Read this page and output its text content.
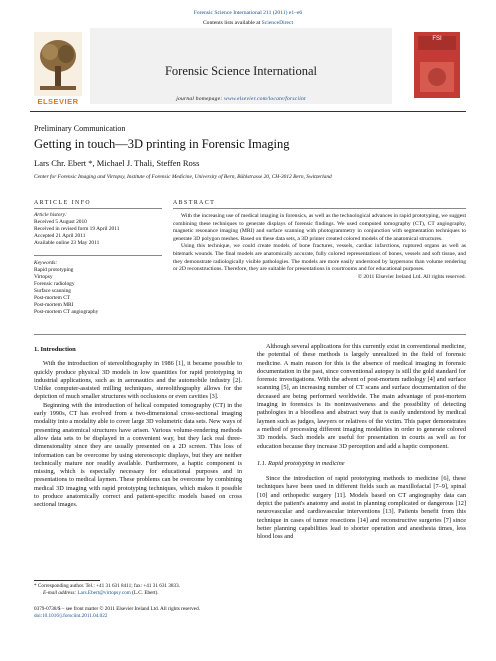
Forensic Science International 211 (2011) e1–e6
Contents lists available at ScienceDirect
Forensic Science International
journal homepage: www.elsevier.com/locate/forsciint
ELSEVIER
FSI
Preliminary Communication
Getting in touch—3D printing in Forensic Imaging
Lars Chr. Ebert *, Michael J. Thali, Steffen Ross
Center for Forensic Imaging and Virtopsy, Institute of Forensic Medicine, University of Bern, Bühlstrasse 20, CH-3012 Bern, Switzerland
ARTICLE INFO	ABSTRACT
Article history:
Received 5 August 2010
Received in revised form 19 April 2011
Accepted 21 April 2011
Available online 23 May 2011
Keywords:
Rapid prototyping
Virtopsy
Forensic radiology
Surface scanning
Post-mortem CT
Post-mortem MRI
Post-mortem CT angiography

With the increasing use of medical imaging in forensics, as well as the technological advances in rapid prototyping, we suggest combining these techniques to generate displays of forensic findings. We used computed tomography (CT), CT angiography, magnetic resonance imaging (MRI) and surface scanning with photogrammetry in conjunction with segmentation techniques to generate 3D polygon meshes. Based on these data sets, a 3D printer created colored models of the anatomical structures.

Using this technique, we could create models of bone fractures, vessels, cardiac infarctions, ruptured organs as well as bitemark wounds. The final models are anatomically accurate, fully colored representations of bones, vessels and soft tissue, and they demonstrate radiologically visible pathologies. The models are more easily understood by laypersons than volume rendering or 2D reconstructions. Therefore, they are suitable for presentations in courtrooms and for educational purposes.

© 2011 Elsevier Ireland Ltd. All rights reserved.
1. Introduction

With the introduction of stereolithography in 1986 [1], it became possible to quickly produce physical 3D models in low quantities for rapid prototyping in industrial applications, such as in aeronautics and the automobile industry [2]. Unlike computer-assisted milling techniques, stereolithography allows for the depiction of much smaller structures with occlusions or even cavities [3].

Beginning with the introduction of helical computed tomography (CT) in the early 1990s, CT has evolved from a two-dimensional cross-sectional imaging modality into a modality able to cover large 3D volumetric data sets. New ways of presenting anatomical structures have arisen. Various volume-rendering methods allow data sets to be displayed in a convenient way, but they lack real three-dimensionality since they are usually presented on a 2D screen. This loss of information can be overcome by using stereoscopic displays, but they are neither technically mature nor readily available. Furthermore, a haptic component is missing, which is especially necessary for educational purposes and in presentations to medical laymen. These problems can be overcome by combining medical 3D imaging with rapid prototyping techniques, which makes it possible to produce anatomically correct and patient-specific models based on cross sectional images.

Although several applications for this currently exist in conventional medicine, the potential of these methods is largely unrealized in the field of forensic medicine. A main reason for this is the absence of medical imaging in forensic documentation in the past, since conventional autopsy is still the gold standard for forensic investigations. With the advent of post-mortem radiology [4] and surface scanning [5], an increasing number of CT scans and surface documentation of the deceased are being performed worldwide. The main advantage of post-mortem imaging in forensics is its noninvasiveness and the possibility of detecting pathologies in a bloodless and abstract way that is easily understood by medical laymen such as judges, lawyers or relatives of the victim. This paper demonstrates a method of processing different imaging modalities in order to generate colored 3D models. Such models are useful for presentation in courts as well as for education because they increase 3D perception and add a haptic component.

1.1. Rapid prototyping in medicine

Since the introduction of rapid prototyping methods to medicine [6], these techniques have been used in different fields such as maxillofacial [7–9], spinal [10] and orthopedic surgery [11]. Models based on CT angiography data can depict the patient's anatomy and assist in planning complicated or dangerous [12] neurovascular and cardiovascular interventions [13]. Patients benefit from this technique in cases of tumor resections [14] and reconstructive surgeries [7] since better planning capabilities lead to shorter operation and anesthesia times, less blood loss and

* Corresponding author. Tel.: +41 31 631 8411; fax: +41 31 631 3833.
E-mail address: Lars.Ebert@virtopsy.com (L.C. Ebert).
0379-0738/$ – see front matter © 2011 Elsevier Ireland Ltd. All rights reserved.
doi:10.1016/j.forsciint.2011.04.022
